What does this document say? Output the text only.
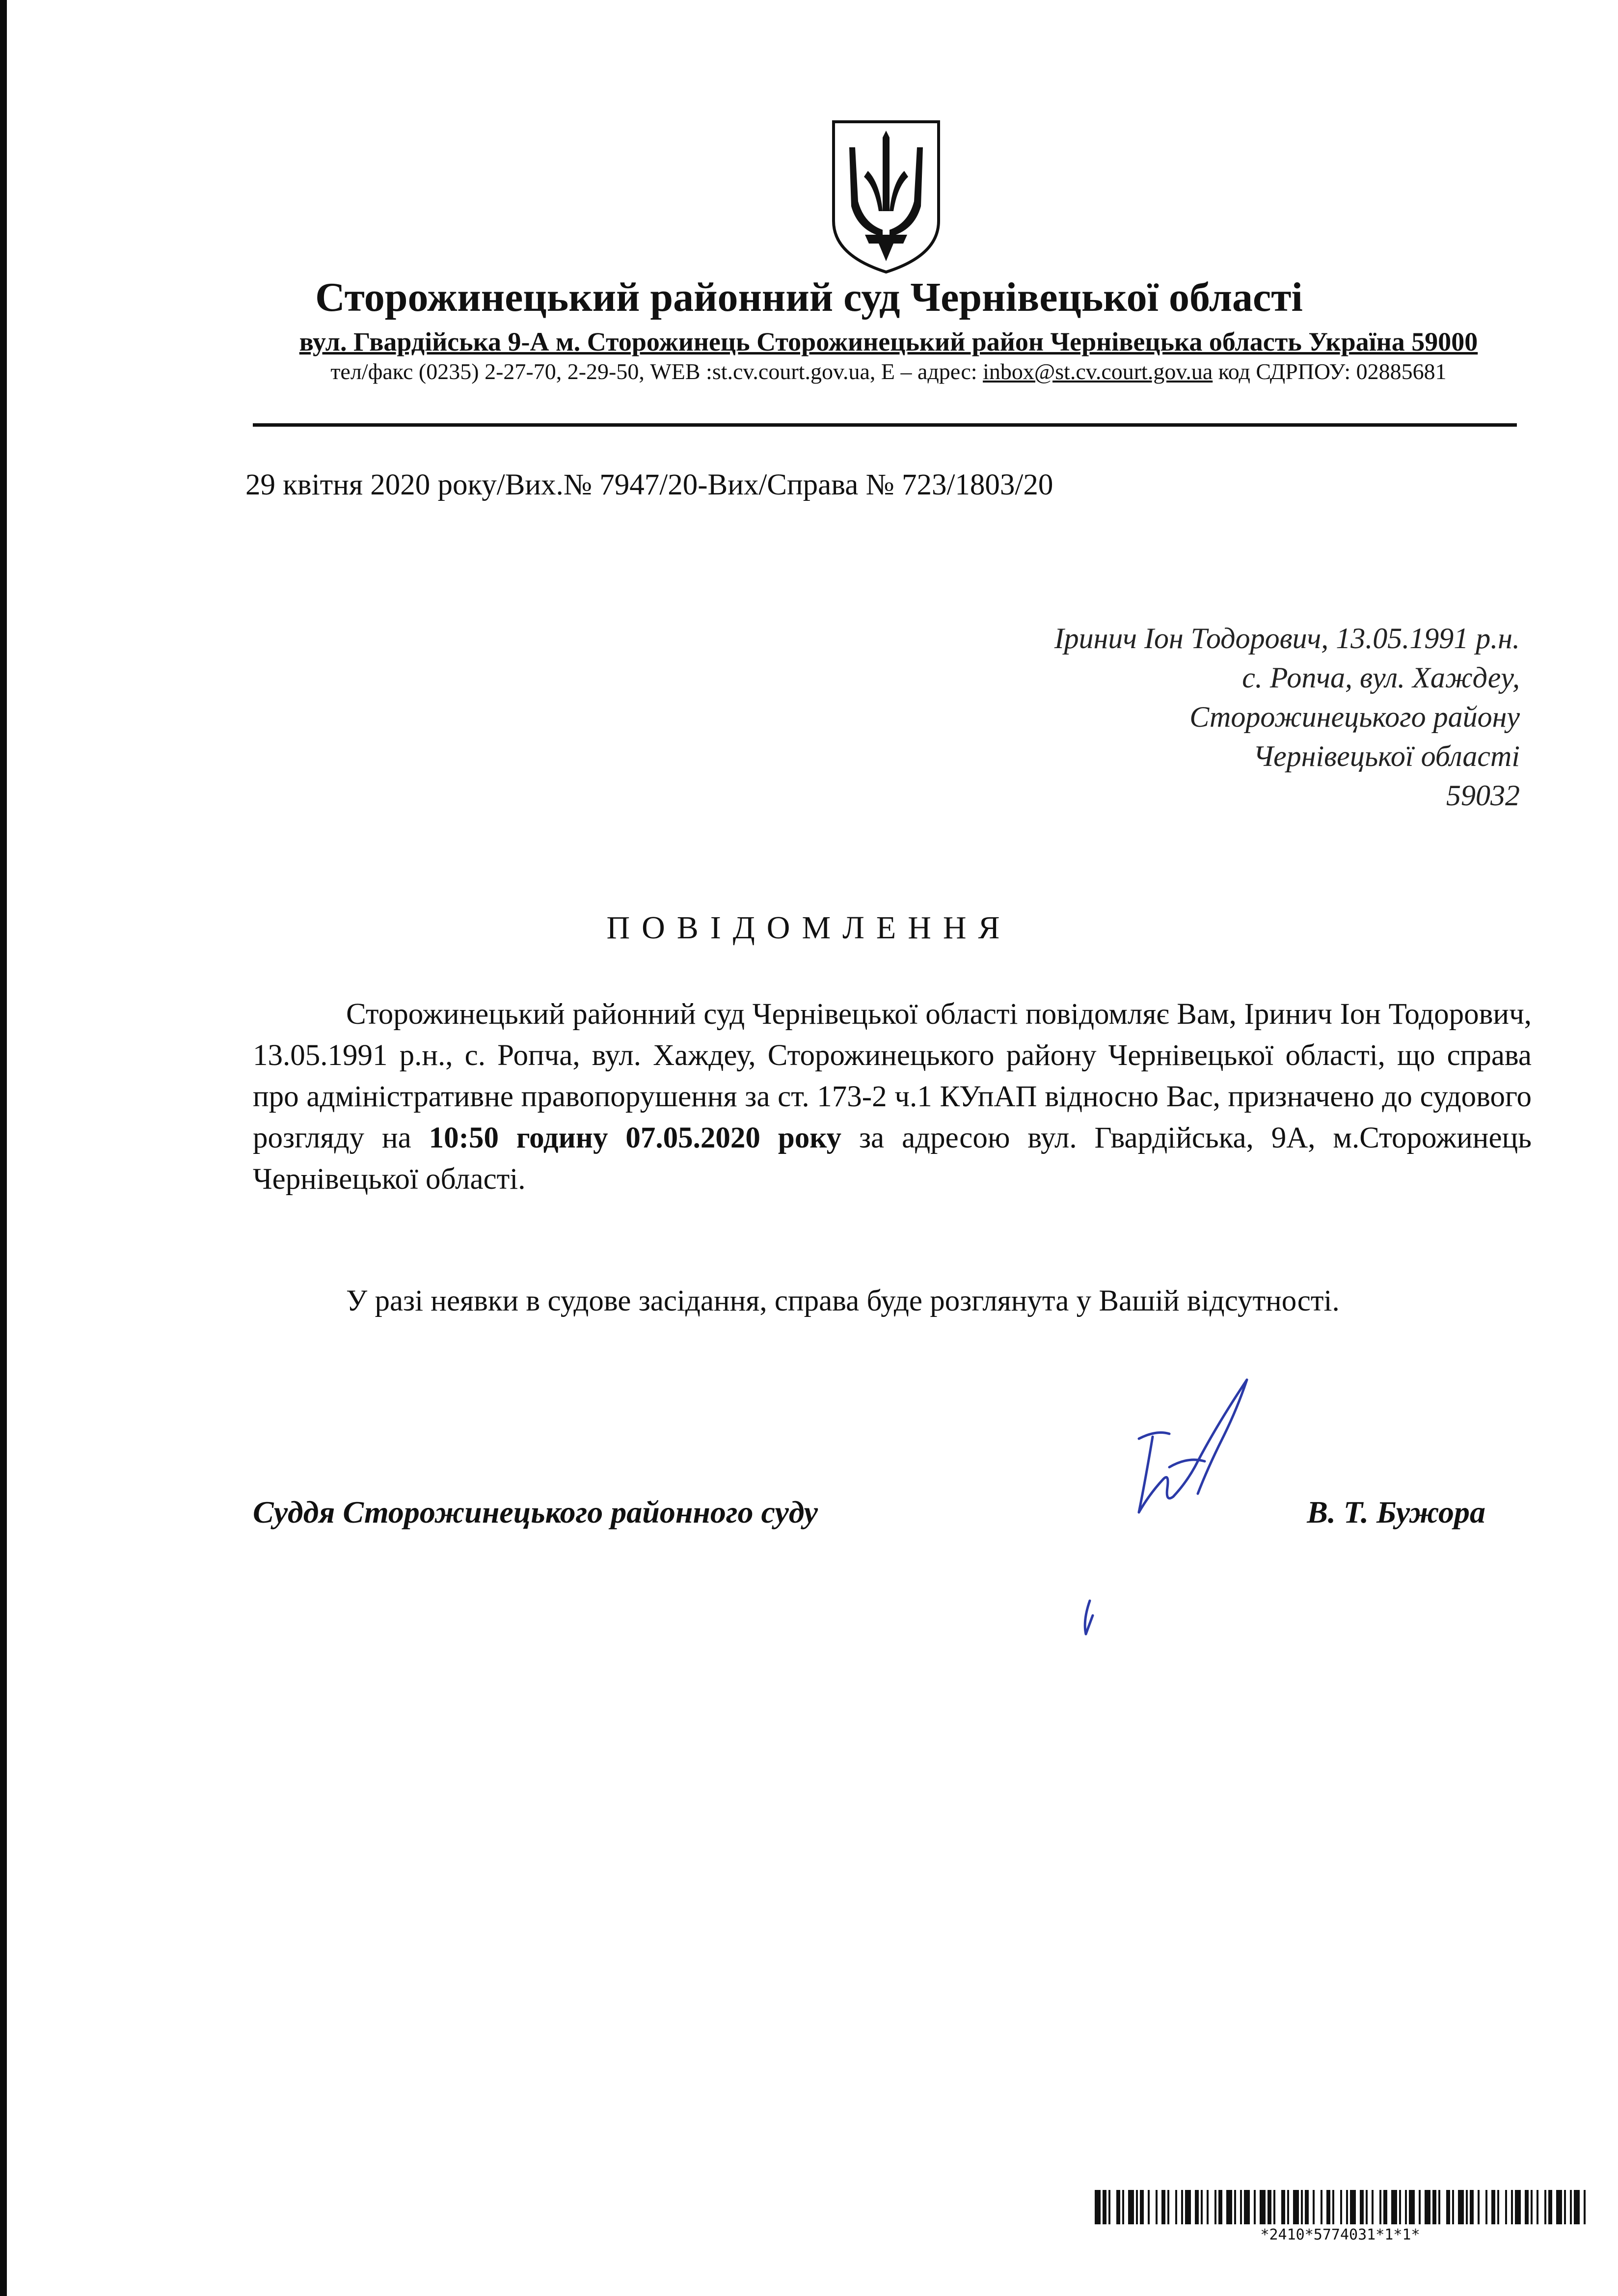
Сторожинецький районний суд Чернівецької області
вул. Гвардійська 9-А м. Сторожинець Сторожинецький район Чернівецька область Україна 59000
тел/факс (0235) 2-27-70, 2-29-50, WEB :st.cv.court.gov.ua, E – адрес: inbox@st.cv.court.gov.ua код СДРПОУ: 02885681
29 квітня 2020 року/Вих.№ 7947/20-Вих/Справа № 723/1803/20
Іринич Іон Тодорович, 13.05.1991 р.н.
с. Ропча, вул. Хаждеу,
Сторожинецького району
Чернівецької області
59032
ПОВІДОМЛЕННЯ

Сторожинецький районний суд Чернівецької області повідомляє Вам, Іринич Іон Тодорович, 13.05.1991 р.н., с. Ропча, вул. Хаждеу, Сторожинецького району Чернівецької області, що справа про адміністративне правопорушення за ст. 173-2 ч.1 КУпАП відносно Вас, призначено до судового розгляду на 10:50 годину 07.05.2020 року за адресою вул. Гвардійська, 9А, м.Сторожинець Чернівецької області.

У разі неявки в судове засідання, справа буде розглянута у Вашій відсутності.

Суддя Сторожинецького районного суду	В. Т. Бужора
*2410*5774031*1*1*
